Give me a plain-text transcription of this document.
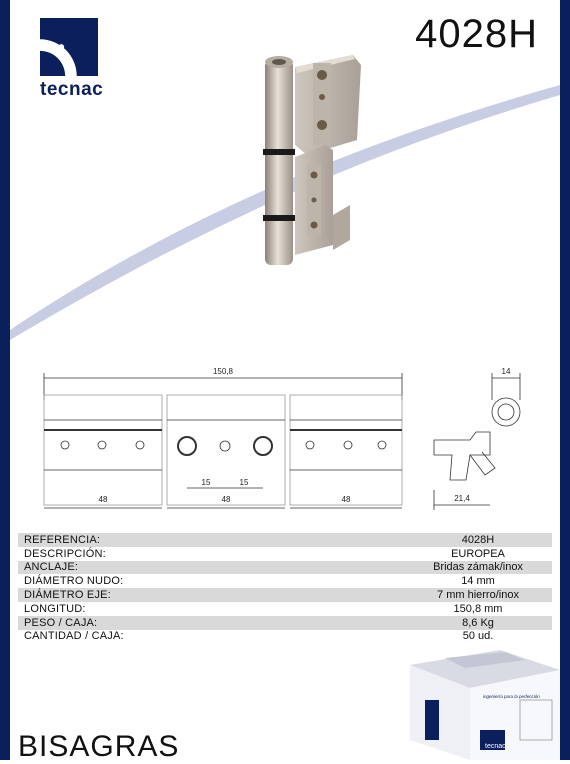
tecnac
4028H
150,8
15	15
48	48	48
14
21,4
REFERENCIA:	4028H
DESCRIPCIÓN:	EUROPEA
ANCLAJE:	Bridas zámak/inox
DIÁMETRO NUDO:	14 mm
DIÁMETRO EJE:	7 mm hierro/inox
LONGITUD:	150,8 mm
PESO / CAJA:	8,6 Kg
CANTIDAD / CAJA:	50 ud.
tecnac
ingeniería para la perfección
BISAGRAS
